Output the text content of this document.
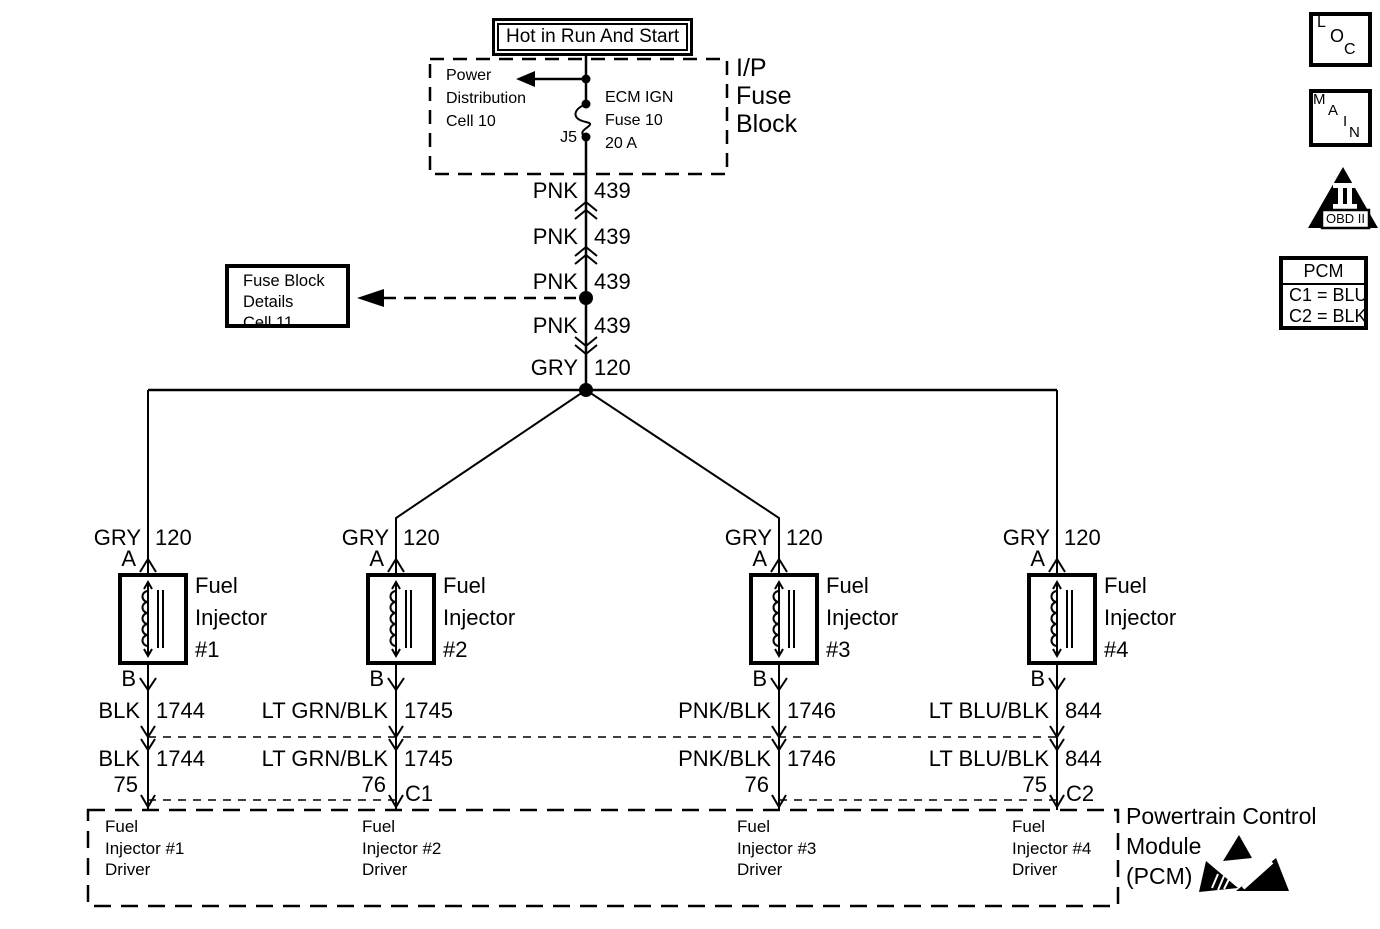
Hot in Run And Start
Power
Distribution
Cell 10
ECM IGN
Fuse 10
20 A
J5
I/P
Fuse
Block
PNK 439
PNK 439
PNK 439
PNK 439
GRY 120
Fuse Block
Details
Cell 11
GRY 120
A
Fuel
Injector
#1
B
BLK 1744
BLK 1744
75
GRY 120
A
Fuel
Injector
#2
B
LT GRN/BLK 1745
LT GRN/BLK 1745
76 C1
GRY 120
A
Fuel
Injector
#3
B
PNK/BLK 1746
PNK/BLK 1746
76
GRY 120
A
Fuel
Injector
#4
B
LT BLU/BLK 844
LT BLU/BLK 844
75 C2
Fuel
Injector #1
Driver
Fuel
Injector #2
Driver
Fuel
Injector #3
Driver
Fuel
Injector #4
Driver
Powertrain Control
Module
(PCM)
L
O
C
M
A
I
N
OBD II
PCM
C1 = BLU
C2 = BLK
